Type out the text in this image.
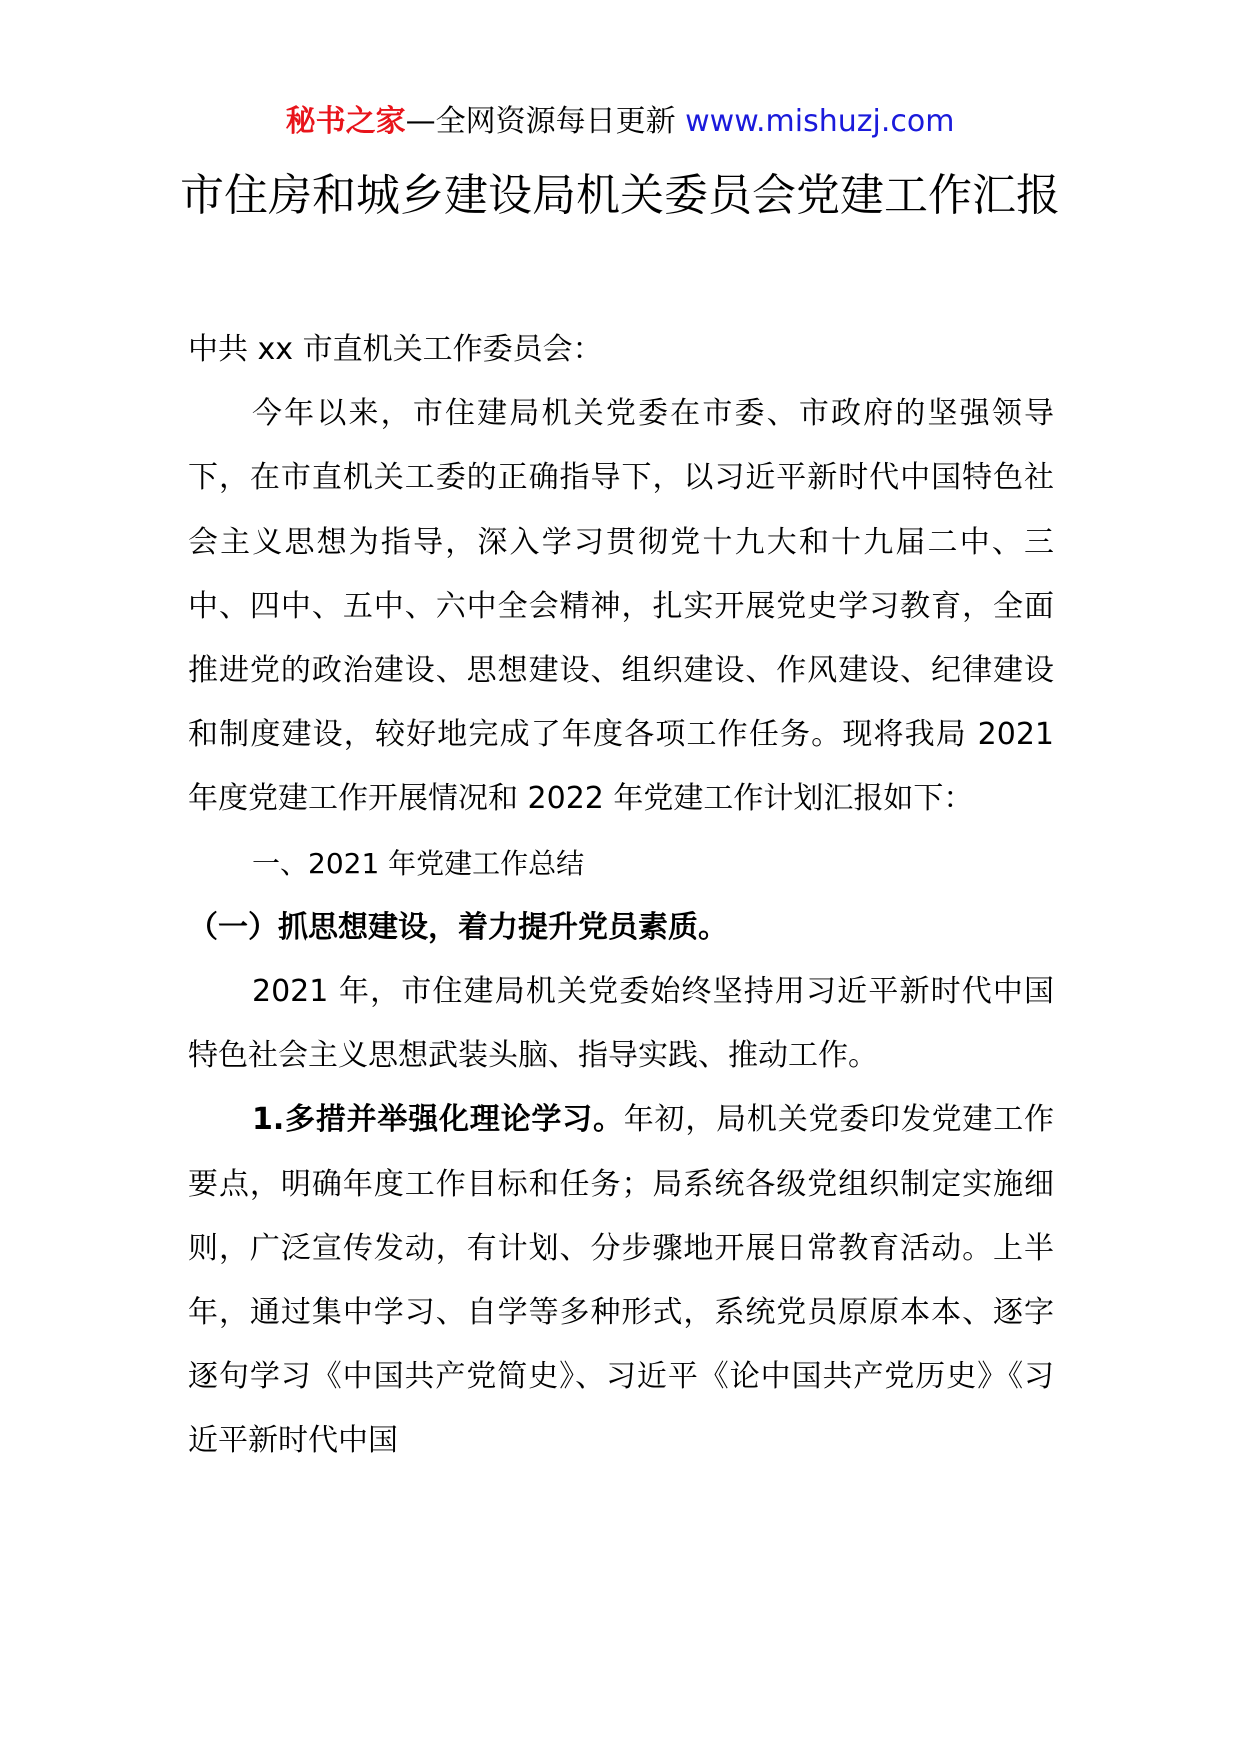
秘书之家—全网资源每日更新 www.mishuzj.com
市住房和城乡建设局机关委员会党建工作汇报

中共 xx 市直机关工作委员会：

今年以来，市住建局机关党委在市委、市政府的坚强领导下，在市直机关工委的正确指导下，以习近平新时代中国特色社会主义思想为指导，深入学习贯彻党十九大和十九届二中、三中、四中、五中、六中全会精神，扎实开展党史学习教育，全面推进党的政治建设、思想建设、组织建设、作风建设、纪律建设和制度建设，较好地完成了年度各项工作任务。现将我局 2021 年度党建工作开展情况和 2022 年党建工作计划汇报如下：

一、2021 年党建工作总结

（一）抓思想建设，着力提升党员素质。

2021 年，市住建局机关党委始终坚持用习近平新时代中国特色社会主义思想武装头脑、指导实践、推动工作。

1.多措并举强化理论学习。年初，局机关党委印发党建工作要点，明确年度工作目标和任务；局系统各级党组织制定实施细则，广泛宣传发动，有计划、分步骤地开展日常教育活动。上半年，通过集中学习、自学等多种形式，系统党员原原本本、逐字逐句学习《中国共产党简史》、习近平《论中国共产党历史》《习近平新时代中国
